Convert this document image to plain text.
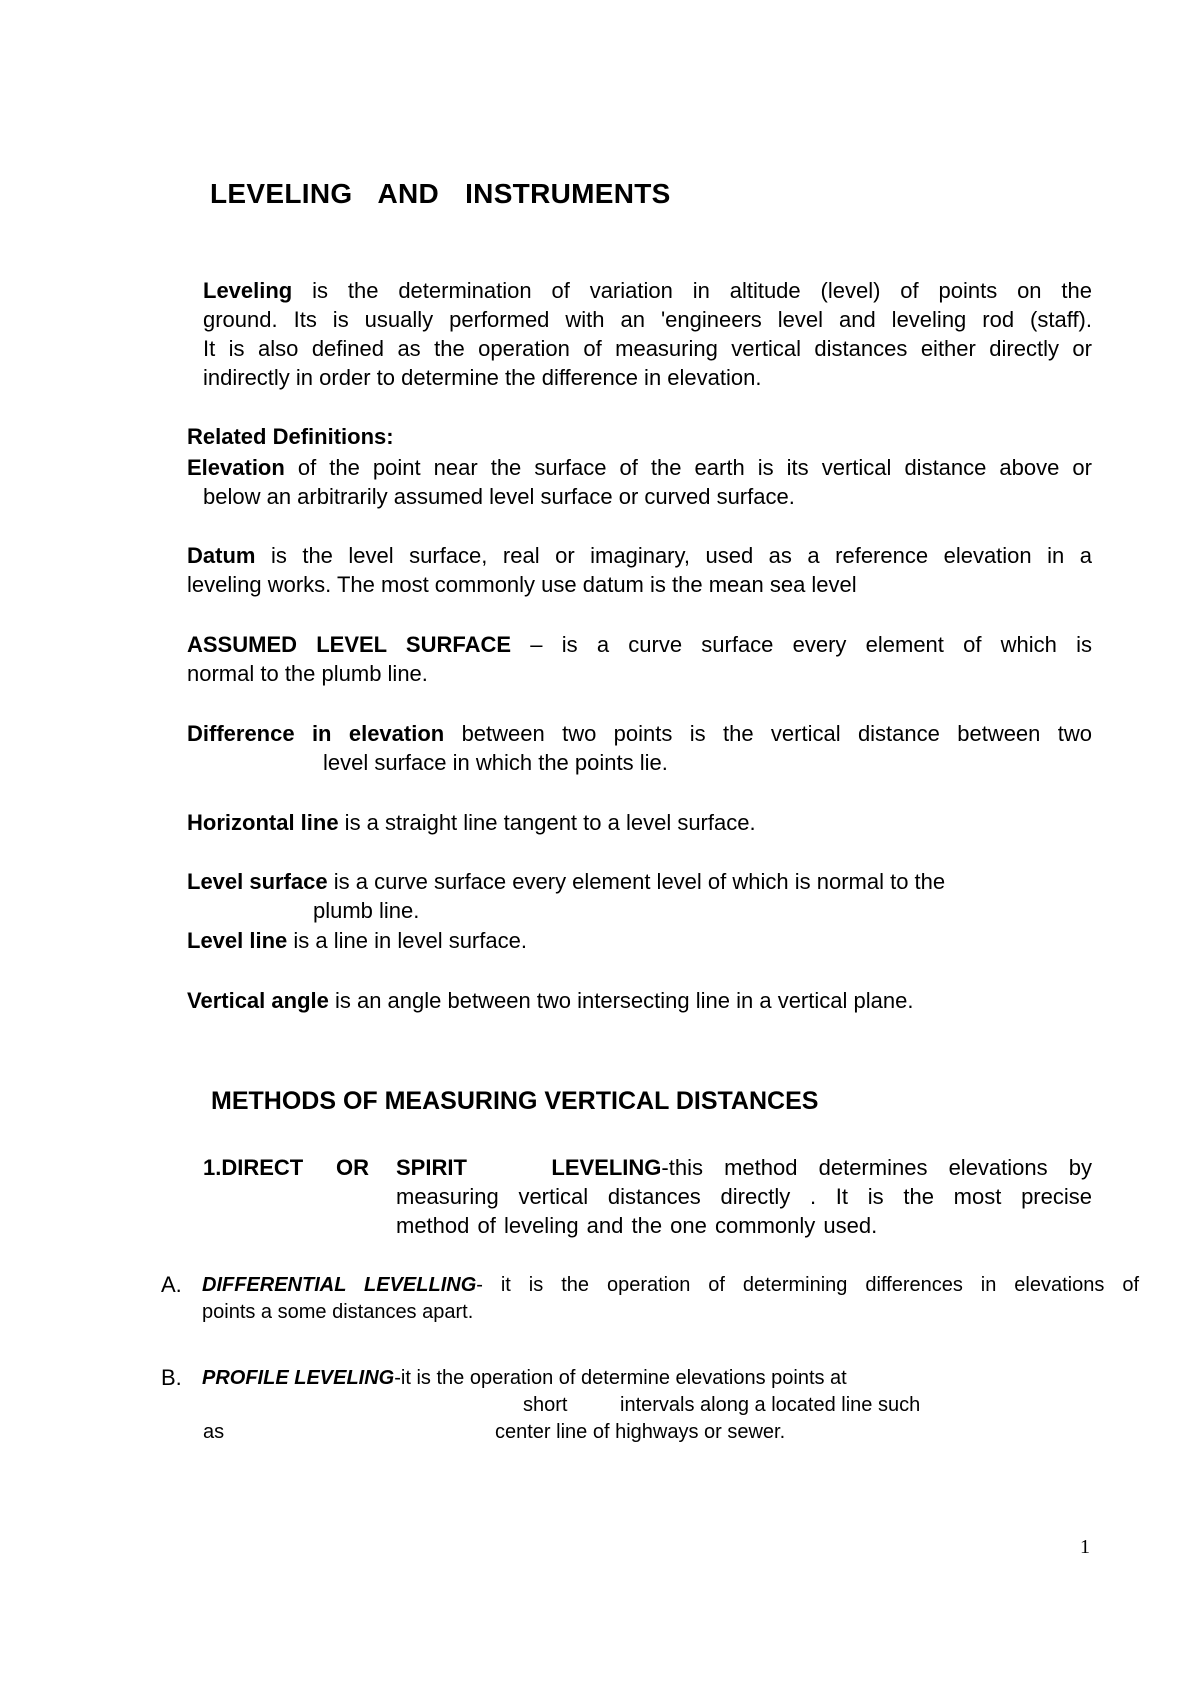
LEVELING AND INSTRUMENTS
Leveling is the determination of variation in altitude (level) of points on the
ground. Its is usually performed with an 'engineers level and leveling rod (staff).
It is also defined as the operation of measuring vertical distances either directly or
indirectly in order to determine the difference in elevation.
Related Definitions:
Elevation of the point near the surface of the earth is its vertical distance above or
below an arbitrarily assumed level surface or curved surface.
Datum is the level surface, real or imaginary, used as a reference elevation in a
leveling works. The most commonly use datum is the mean sea level
ASSUMED LEVEL SURFACE – is a curve surface every element of which is
normal to the plumb line.
Difference in elevation between two points is the vertical distance between two
level surface in which the points lie.
Horizontal line is a straight line tangent to a level surface.
Level surface is a curve surface every element level of which is normal to the
plumb line.
Level line is a line in level surface.
Vertical angle is an angle between two intersecting line in a vertical plane.
METHODS OF MEASURING VERTICAL DISTANCES
1.DIRECT OR SPIRIT	LEVELING-this method determines elevations by
measuring vertical distances directly . It is the most precise
method of leveling and the one commonly used.
A. DIFFERENTIAL LEVELLING- it is the operation of determining differences in elevations of
points a some distances apart.
B. PROFILE LEVELING-it is the operation of determine elevations points at
short	intervals along a located line such
as	center line of highways or sewer.
1
